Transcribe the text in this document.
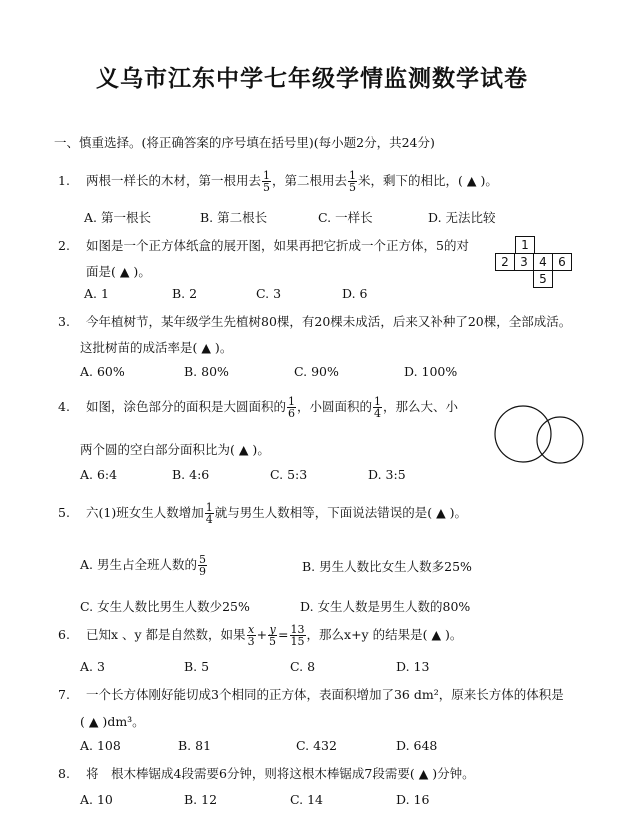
义乌市江东中学七年级学情监测数学试卷
一、慎重选择。(将正确答案的序号填在括号里)(每小题2分，共24分)
1. 两根一样长的木材，第一根用去 $\frac{1}{5}$ ，第二根用去 $\frac{1}{5}$ 米，剩下的相比，( ▲ )。
A. 第一根长	B. 第二根长	C. 一样长	D. 无法比较
2. 如图是一个正方体纸盒的展开图，如果再把它折成一个正方体，5的对
面是( ▲ )。
1
2 3 4 6
5
A. 1	B. 2	C. 3	D. 6
3. 今年植树节，某年级学生先植树80棵，有20棵未成活，后来又补种了20棵，全部成活。
这批树苗的成活率是( ▲ )。
A. 60%	B. 80%	C. 90%	D. 100%
4. 如图，涂色部分的面积是大圆面积的 $\frac{1}{6}$ ，小圆面积的 $\frac{1}{4}$ ，那么大、小
两个圆的空白部分面积比为( ▲ )。
A. 6:4	B. 4:6	C. 5:3	D. 3:5
5. 六(1)班女生人数增加 $\frac{1}{4}$ 就与男生人数相等，下面说法错误的是( ▲ )。
A. 男生占全班人数的 $\frac{5}{9}$	B. 男生人数比女生人数多25%
C. 女生人数比男生人数少25%	D. 女生人数是男生人数的80%
6. 已知x 、y 都是自然数，如果 $\frac{x}{3} + \frac{y}{5} = \frac{13}{15}$ ，那么x+y 的结果是( ▲ )。
A. 3	B. 5	C. 8	D. 13
7. 一个长方体刚好能切成3个相同的正方体，表面积增加了36 dm²，原来长方体的体积是
( ▲ )dm³。
A. 108	B. 81	C. 432	D. 648
8. 将　根木棒锯成4段需要6分钟，则将这根木棒锯成7段需要( ▲ )分钟。
A. 10	B. 12	C. 14	D. 16
